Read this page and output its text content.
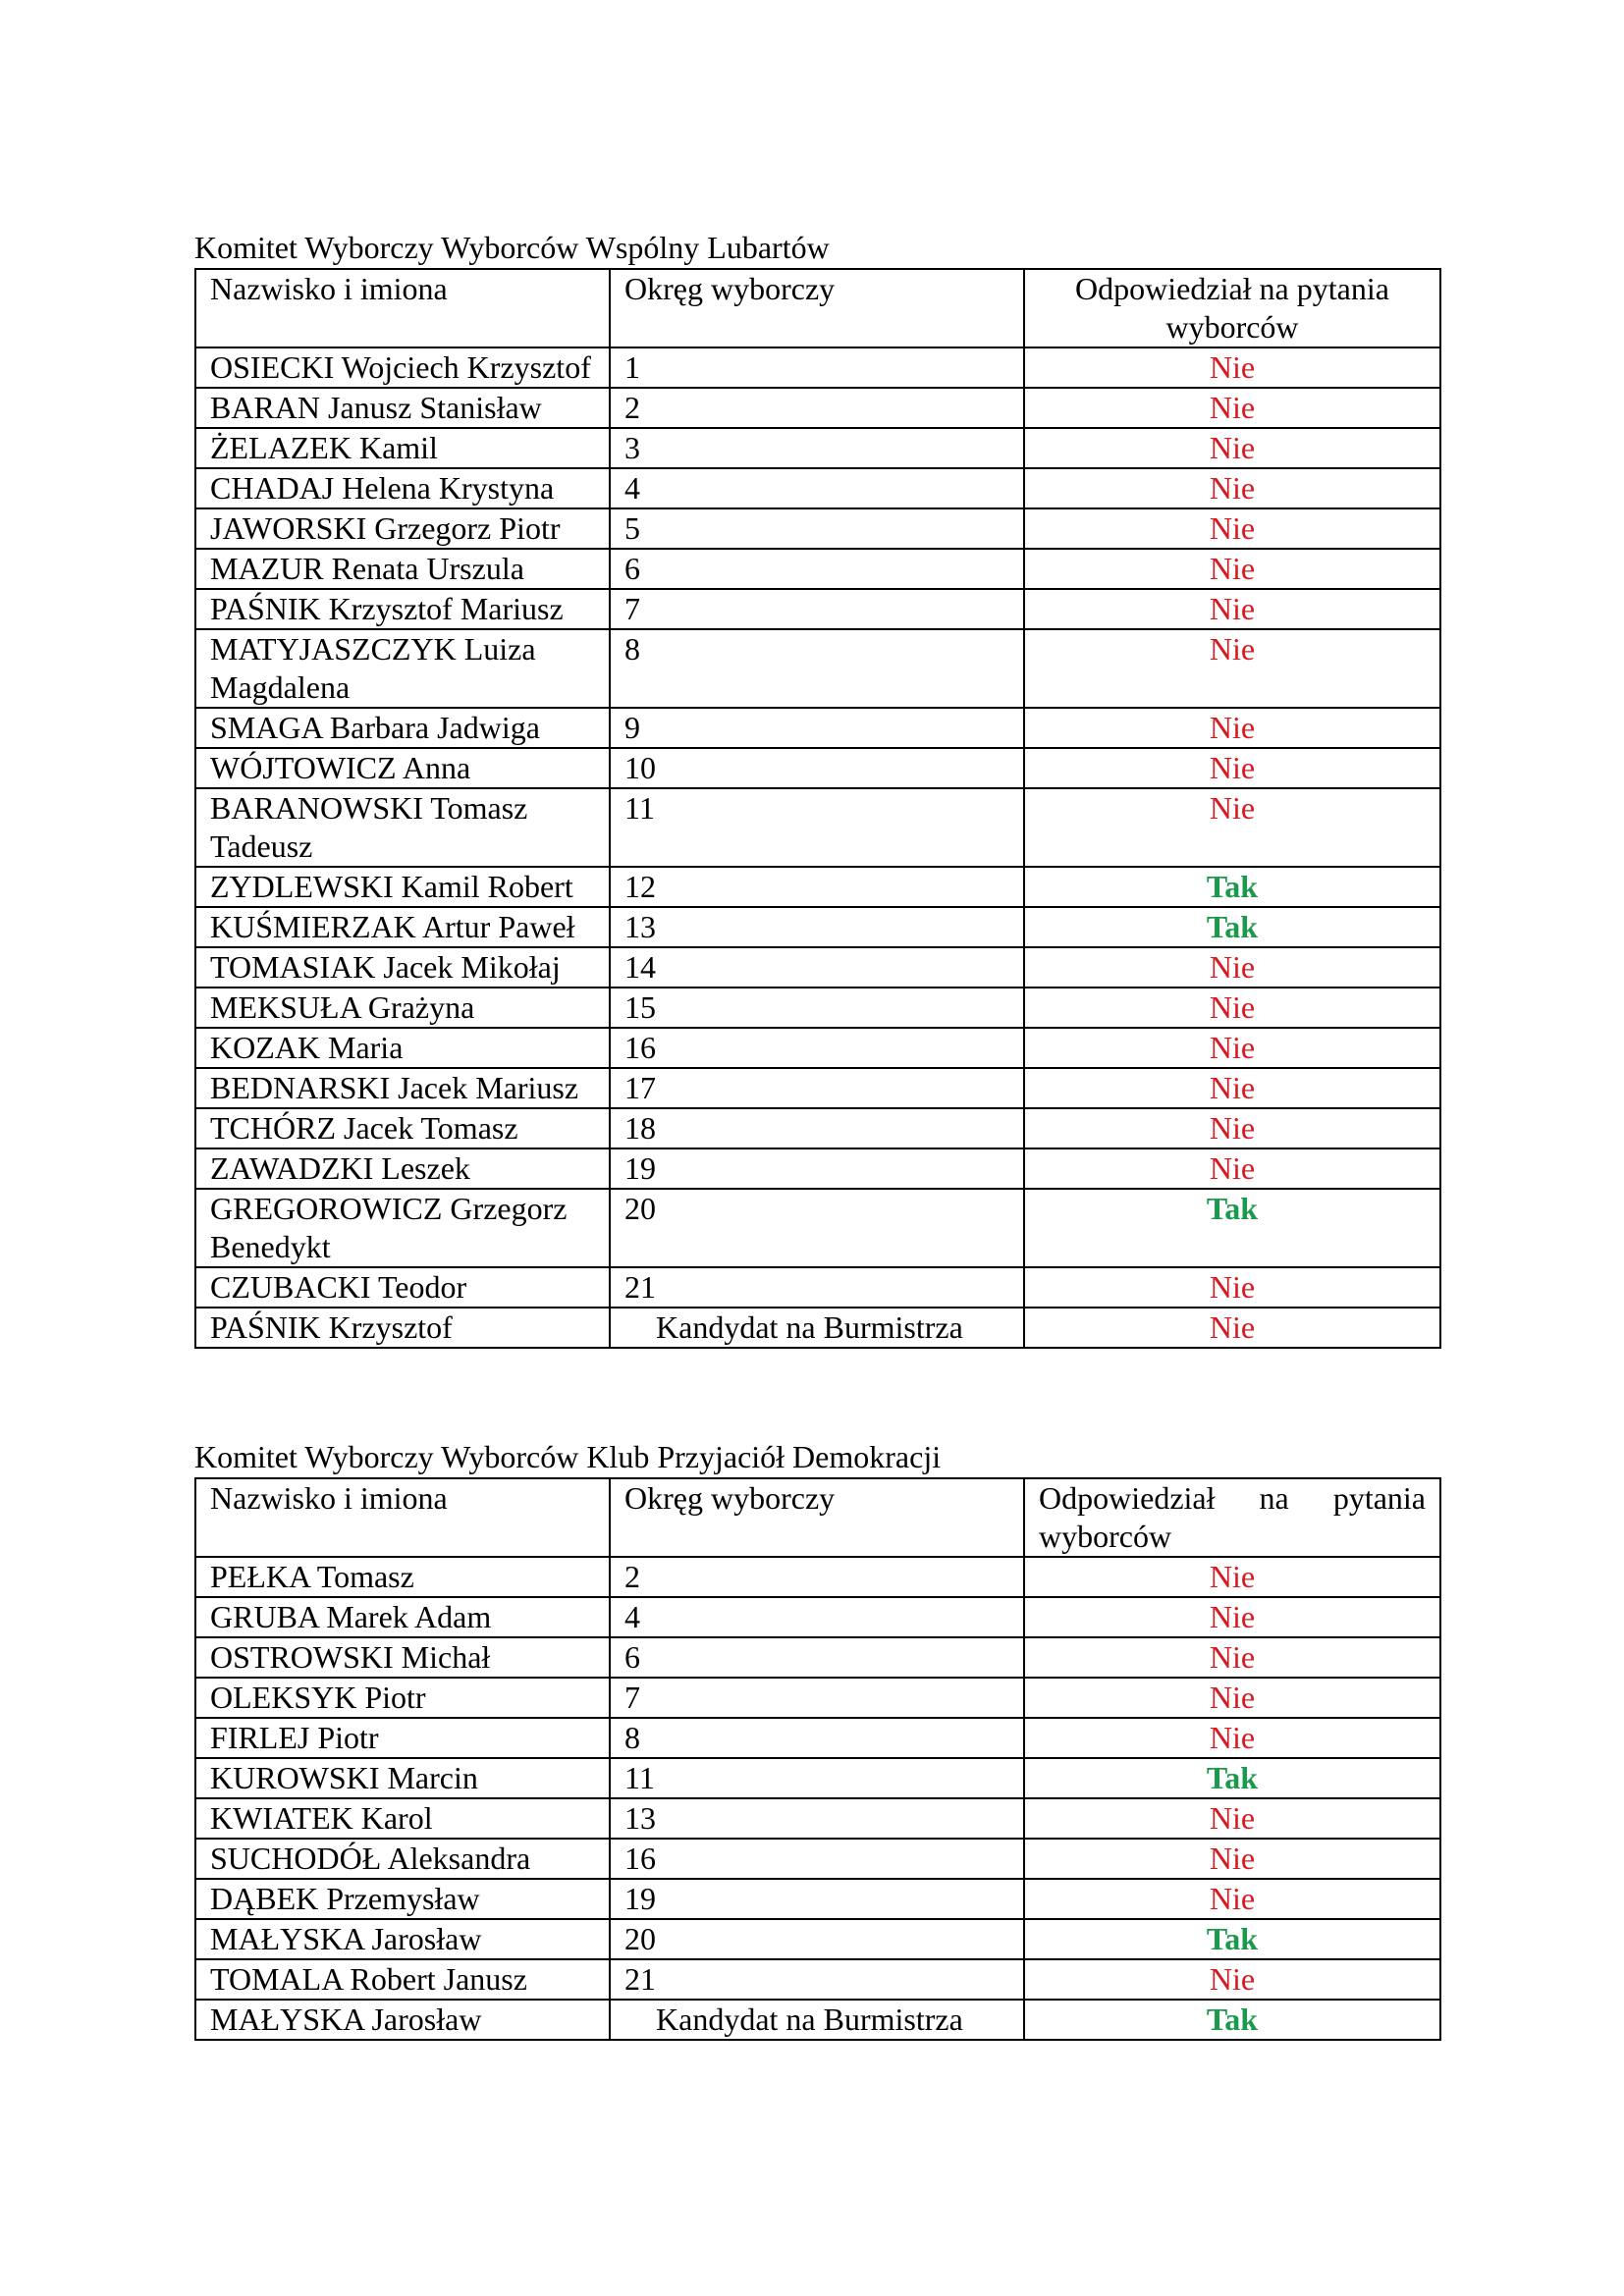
Komitet Wyborczy Wyborców Wspólny Lubartów
Nazwisko i imiona	Okręg wyborczy	Odpowiedział na pytania wyborców
OSIECKI Wojciech Krzysztof	1	Nie
BARAN Janusz Stanisław	2	Nie
ŻELAZEK Kamil	3	Nie
CHADAJ Helena Krystyna	4	Nie
JAWORSKI Grzegorz Piotr	5	Nie
MAZUR Renata Urszula	6	Nie
PAŚNIK Krzysztof Mariusz	7	Nie
MATYJASZCZYK Luiza Magdalena	8	Nie
SMAGA Barbara Jadwiga	9	Nie
WÓJTOWICZ Anna	10	Nie
BARANOWSKI Tomasz Tadeusz	11	Nie
ZYDLEWSKI Kamil Robert	12	Tak
KUŚMIERZAK Artur Paweł	13	Tak
TOMASIAK Jacek Mikołaj	14	Nie
MEKSUŁA Grażyna	15	Nie
KOZAK Maria	16	Nie
BEDNARSKI Jacek Mariusz	17	Nie
TCHÓRZ Jacek Tomasz	18	Nie
ZAWADZKI Leszek	19	Nie
GREGOROWICZ Grzegorz Benedykt	20	Tak
CZUBACKI Teodor	21	Nie
PAŚNIK Krzysztof	Kandydat na Burmistrza	Nie
Komitet Wyborczy Wyborców Klub Przyjaciół Demokracji
Nazwisko i imiona	Okręg wyborczy	Odpowiedział na pytania wyborców
PEŁKA Tomasz	2	Nie
GRUBA Marek Adam	4	Nie
OSTROWSKI Michał	6	Nie
OLEKSYK Piotr	7	Nie
FIRLEJ Piotr	8	Nie
KUROWSKI Marcin	11	Tak
KWIATEK Karol	13	Nie
SUCHODÓŁ Aleksandra	16	Nie
DĄBEK Przemysław	19	Nie
MAŁYSKA Jarosław	20	Tak
TOMALA Robert Janusz	21	Nie
MAŁYSKA Jarosław	Kandydat na Burmistrza	Tak
